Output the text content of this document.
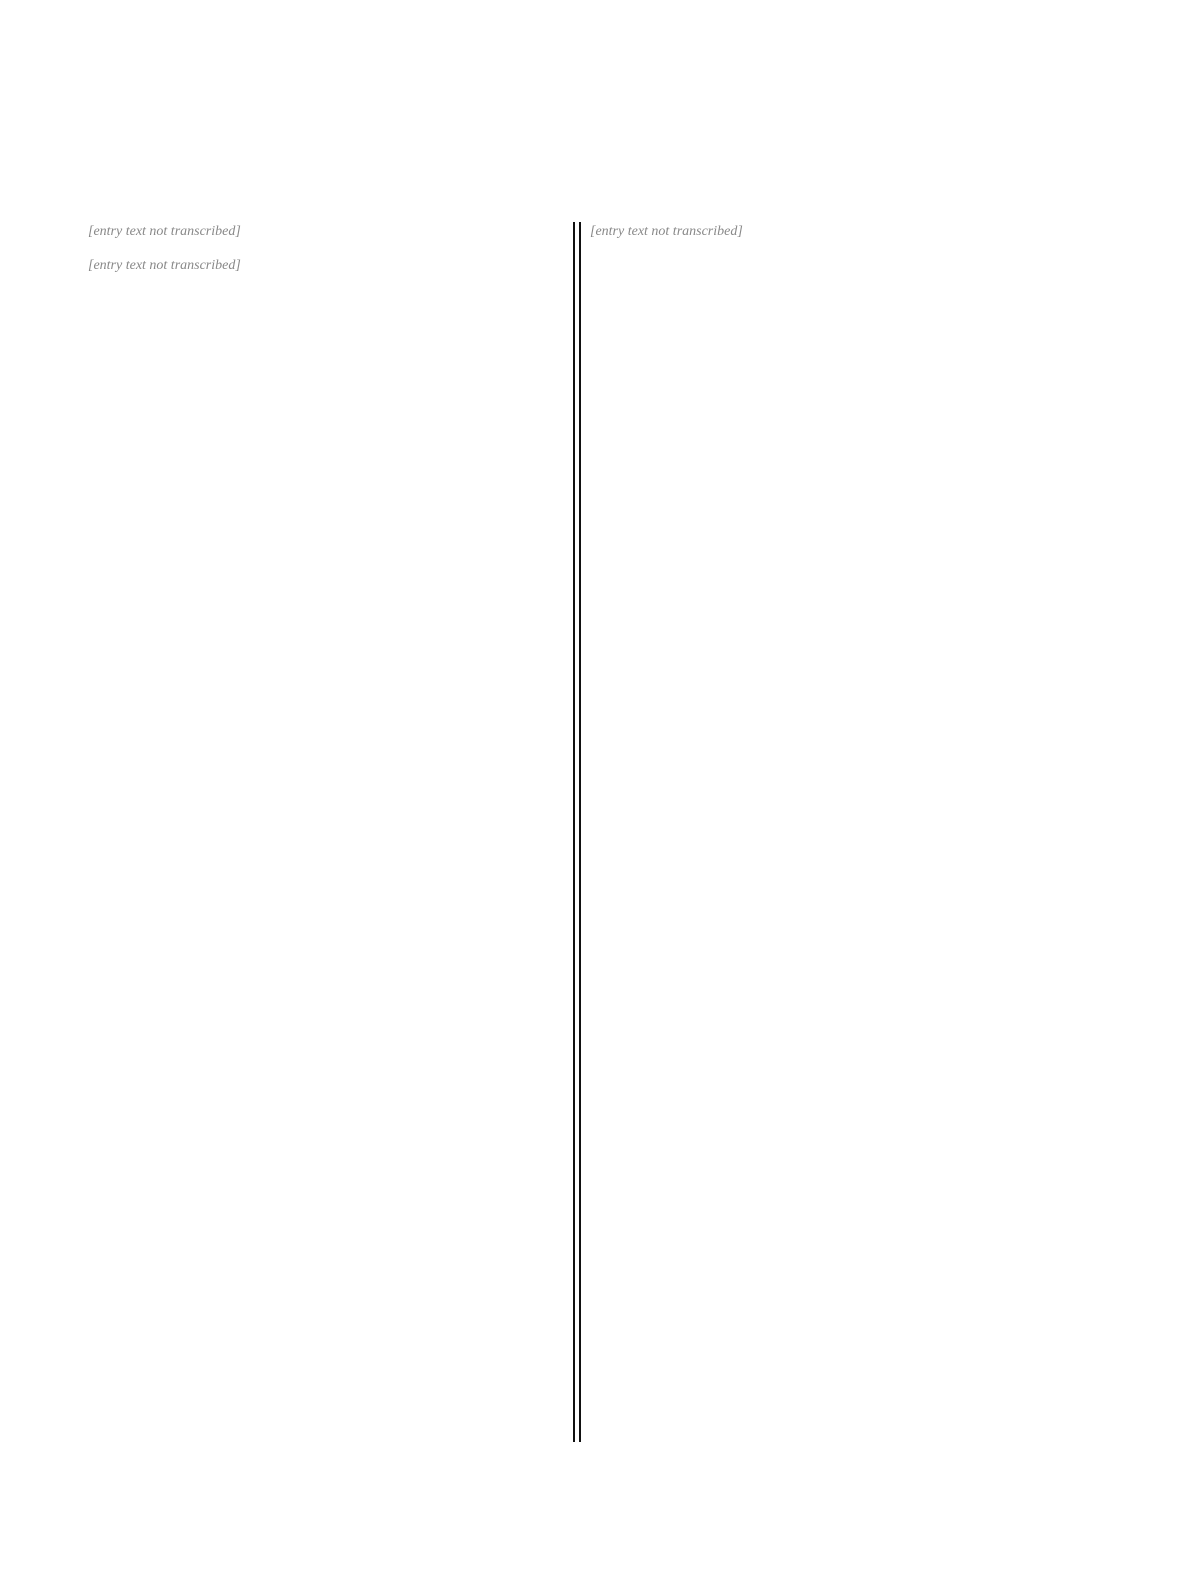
[entry text not transcribed]

[entry text not transcribed]

[entry text not transcribed]
